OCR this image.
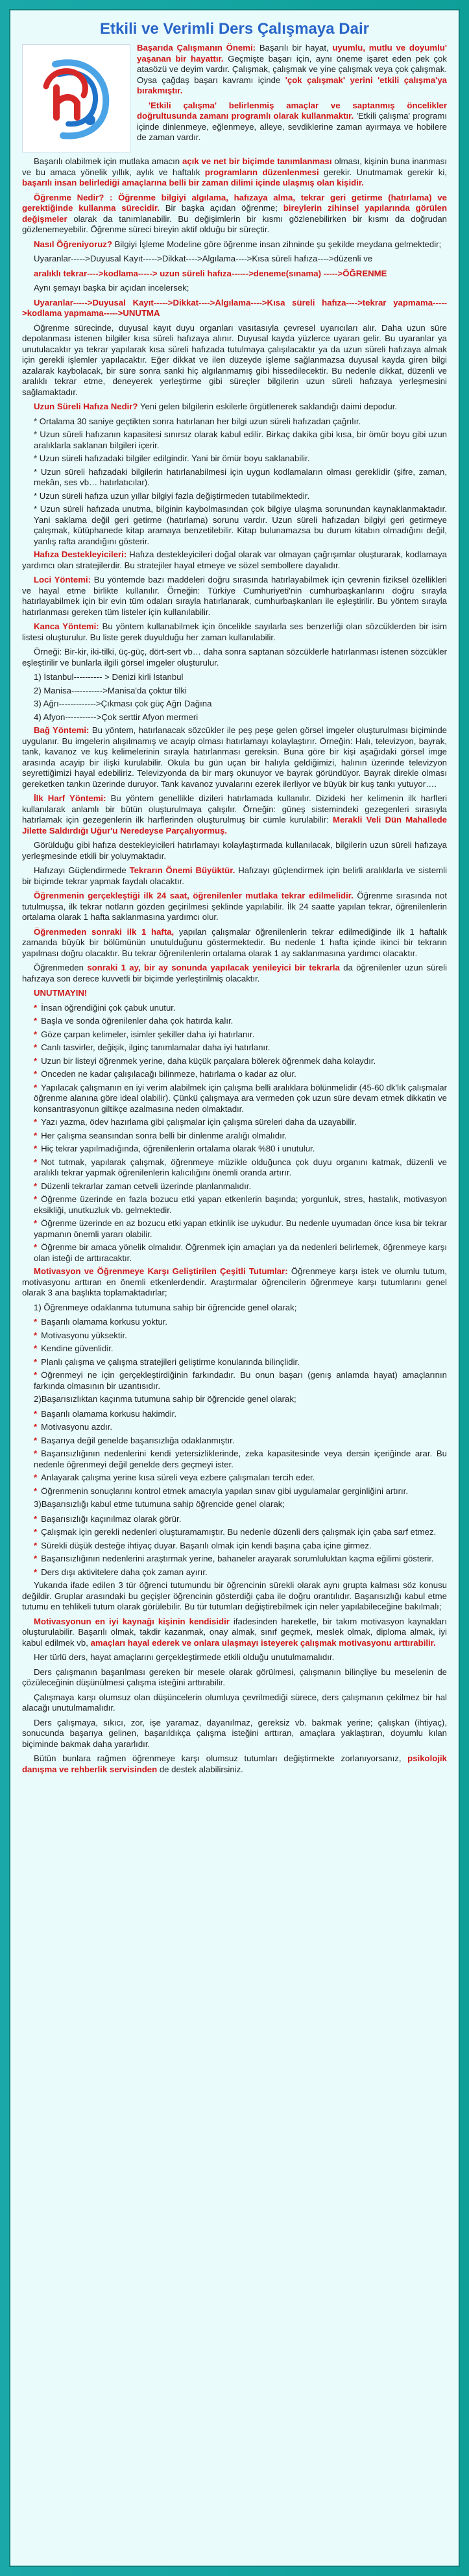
Etkili ve Verimli Ders Çalışmaya Dair

Başarıda Çalışmanın Önemi: Başarılı bir hayat, uyumlu, mutlu ve doyumlu' yaşanan bir hayattır. Geçmişte başarı için, aynı öneme işaret eden pek çok atasözü ve deyim vardır. Çalışmak, çalışmak ve yine çalışmak veya çok çalışmak. Oysa çağdaş başarı kavramı içinde 'çok çalışmak' yerini 'etkili çalışma'ya bırakmıştır.

'Etkili çalışma' belirlenmiş amaçlar ve saptanmış öncelikler doğrultusunda zamanı programlı olarak kullanmaktır. 'Etkili çalışma' programı içinde dinlenmeye, eğlenmeye, alleye, sevdiklerine zaman ayırmaya ve hobilere de zaman vardır.

Başarılı olabilmek için mutlaka amacın açık ve net bir biçimde tanımlanması olması, kişinin buna inanması ve bu amaca yönelik yıllık, aylık ve haftalık programların düzenlenmesi gerekir. Unutmamak gerekir ki, başarılı insan belirlediği amaçlarına belli bir zaman dilimi içinde ulaşmış olan kişidir.

Öğrenme Nedir? : Öğrenme bilgiyi algılama, hafızaya alma, tekrar geri getirme (hatırlama) ve gerektiğinde kullanma sürecidir. Bir başka açıdan öğrenme; bireylerin zihinsel yapılarında görülen değişmeler olarak da tanımlanabilir. Bu değişimlerin bir kısmı gözlenebilirken bir kısmı da doğrudan gözlenemeyebilir. Öğrenme süreci bireyin aktif olduğu bir süreçtir.

Nasıl Öğreniyoruz? Bilgiyi İşleme Modeline göre öğrenme insan zihninde şu şekilde meydana gelmektedir;

Uyaranlar----->Duyusal Kayıt----->Dikkat---->Algılama---->Kısa süreli hafıza---->düzenli ve

aralıklı tekrar---->kodlama-----> uzun süreli hafıza------>deneme(sınama) ----->ÖĞRENME

Aynı şemayı başka bir açıdan incelersek;

Uyaranlar----->Duyusal Kayıt----->Dikkat---->Algılama---->Kısa süreli hafıza---->tekrar yapmama----->kodlama yapmama----->UNUTMA

Öğrenme sürecinde, duyusal kayıt duyu organları vasıtasıyla çevresel uyarıcıları alır. Daha uzun süre depolanması istenen bilgiler kısa süreli hafızaya alınır. Duyusal kayda yüzlerce uyaran gelir. Bu uyaranlar ya unutulacaktır ya tekrar yapılarak kısa süreli hafızada tutulmaya çalışılacaktır ya da uzun süreli hafızaya almak için gerekli işlemler yapılacaktır. Eğer dikkat ve ilen düzeyde işleme sağlanmazsa duyusal kayda giren bilgi azalarak kaybolacak, bir süre sonra sanki hiç algılanmamış gibi hissedilecektir. Bu nedenle dikkat, düzenli ve aralıklı tekrar etme, deneyerek yerleştirme gibi süreçler bilgilerin uzun süreli hafızaya yerleşmesini sağlamaktadır.

Uzun Süreli Hafıza Nedir? Yeni gelen bilgilerin eskilerle örgütlenerek saklandığı daimi depodur.

* Ortalama 30 saniye geçtikten sonra hatırlanan her bilgi uzun süreli hafızadan çağrılır.

* Uzun süreli hafızanın kapasitesi sınırsız olarak kabul edilir. Birkaç dakika gibi kısa, bir ömür boyu gibi uzun aralıklarla saklanan bilgileri içerir.

* Uzun süreli hafızadaki bilgiler edilgindir. Yani bir ömür boyu saklanabilir.

* Uzun süreli hafızadaki bilgilerin hatırlanabilmesi için uygun kodlamaların olması gereklidir (şifre, zaman, mekân, ses vb… hatırlatıcılar).

* Uzun süreli hafıza uzun yıllar bilgiyi fazla değiştirmeden tutabilmektedir.

* Uzun süreli hafızada unutma, bilginin kaybolmasından çok bilgiye ulaşma sorunundan kaynaklanmaktadır. Yani saklama değil geri getirme (hatırlama) sorunu vardır. Uzun süreli hafızadan bilgiyi geri getirmeye çalışmak, kütüphanede kitap aramaya benzetilebilir. Kitap bulunamazsa bu durum kitabın olmadığını değil, yanlış rafta arandığını gösterir.

Hafıza Destekleyicileri: Hafıza destekleyicileri doğal olarak var olmayan çağrışımlar oluşturarak, kodlamaya yardımcı olan stratejilerdir. Bu stratejiler hayal etmeye ve sözel sembollere dayalıdır.

Loci Yöntemi: Bu yöntemde bazı maddeleri doğru sırasında hatırlayabilmek için çevrenin fiziksel özellikleri ve hayal etme birlikte kullanılır. Örneğin: Türkiye Cumhuriyeti'nin cumhurbaşkanlarını doğru sırayla hatırlayabilmek için bir evin tüm odaları sırayla hatırlanarak, cumhurbaşkanları ile eşleştirilir. Bu yöntem sırayla hatırlanması gereken tüm listeler için kullanılabilir.

Kanca Yöntemi: Bu yöntem kullanabilmek için öncelikle sayılarla ses benzerliği olan sözcüklerden bir isim listesi oluşturulur. Bu liste gerek duyulduğu her zaman kullanılabilir.

Örneği: Bir-kir, iki-tilki, üç-güç, dört-sert vb… daha sonra saptanan sözcüklerle hatırlanması istenen sözcükler eşleştirilir ve bunlarla ilgili görsel imgeler oluşturulur.

1) İstanbul---------- > Denizi kirli İstanbul

2) Manisa----------->Manisa'da çoktur tilki

3) Ağrı------------->Çıkması çok güç Ağrı Dağına

4) Afyon----------->Çok serttir Afyon mermeri

Bağ Yöntemi: Bu yöntem, hatırlanacak sözcükler ile peş peşe gelen görsel imgeler oluşturulması biçiminde uygulanır. Bu imgelerin alışılmamış ve acayip olması hatırlamayı kolaylaştırır. Örneğin: Halı, televizyon, bayrak, tank, kavanoz ve kuş kelimelerinin sırayla hatırlanması gereksin. Buna göre bir kişi aşağıdaki görsel imge arasında acayip bir ilişki kurulabilir. Okula bu gün uçan bir halıyla geldiğimizi, halının üzerinde televizyon seyrettiğimizi hayal edebiliriz. Televizyonda da bir marş okunuyor ve bayrak göründüyor. Bayrak direkle olması gereketken tankın üzerinde duruyor. Tank kavanoz yuvalarını ezerek ilerliyor ve büyük bir kuş tankı yutuyor….

İlk Harf Yöntemi: Bu yöntem genellikle dizileri hatırlamada kullanılır. Dizideki her kelimenin ilk harfleri kullanılarak anlamlı bir bütün oluşturulmaya çalışılır. Örneğin: güneş sistemindeki gezegenleri sırasıyla hatırlamak için gezegenlerin ilk harflerinden oluşturulmuş bir cümle kurulabilir: Merakli Veli Dün Mahallede Jilette Saldırdığı Uğur'u Neredeyse Parçalıyormuş.

Görülduğu gibi hafıza destekleyicileri hatırlamayı kolaylaştırmada kullanılacak, bilgilerin uzun süreli hafızaya yerleşmesinde etkili bir yoluymaktadır.

Hafızayı Güçlendirmede Tekrarın Önemi Büyüktür. Hafızayı güçlendirmek için belirli aralıklarla ve sistemli bir biçimde tekrar yapmak faydalı olacaktır.

Öğrenmenin gerçekleştiği ilk 24 saat, öğrenilenler mutlaka tekrar edilmelidir. Öğrenme sırasında not tutulmuşsa, ilk tekrar notların gözden geçirilmesi şeklinde yapılabilir. İlk 24 saatte yapılan tekrar, öğrenilenlerin ortalama olarak 1 hafta saklanmasına yardımcı olur.

Öğrenmeden sonraki ilk 1 hafta, yapılan çalışmalar öğrenilenlerin tekrar edilmediğinde ilk 1 haftalık zamanda büyük bir bölümünün unutulduğunu göstermektedir. Bu nedenle 1 hafta içinde ikinci bir tekrarın yapılması doğru olacaktır. Bu tekrar öğrenilenlerin ortalama olarak 1 ay saklanmasına yardımcı olacaktır.

Öğrenmeden sonraki 1 ay, bir ay sonunda yapılacak yenileyici bir tekrarla da öğrenilenler uzun süreli hafızaya son derece kuvvetli bir biçimde yerleştirilmiş olacaktır.

UNUTMAYIN!

* İnsan öğrendiğini çok çabuk unutur.

* Başla ve sonda öğrenilenler daha çok hatırda kalır.

* Göze çarpan kelimeler, isimler şekiller daha iyi hatırlanır.

* Canlı tasvirler, değişik, ilginç tanımlamalar daha iyi hatırlanır.

* Uzun bir listeyi öğrenmek yerine, daha küçük parçalara bölerek öğrenmek daha kolaydır.

* Önceden ne kadar çalışılacağı bilinmeze, hatırlama o kadar az olur.

* Yapılacak çalışmanın en iyi verim alabilmek için çalışma belli aralıklara bölünmelidir (45-60 dk'lık çalışmalar öğrenme alanına göre ideal olabilir). Çünkü çalışmaya ara vermeden çok uzun süre devam etmek dikkatin ve konsantrasyonun giltikçe azalmasına neden olmaktadır.

* Yazı yazma, ödev hazırlama gibi çalışmalar için çalışma süreleri daha da uzayabilir.

* Her çalışma seansından sonra belli bir dinlenme aralığı olmalıdır.

* Hiç tekrar yapılmadığında, öğrenilenlerin ortalama olarak %80 i unutulur.

* Not tutmak, yapılarak çalışmak, öğrenmeye müzikle olduğunca çok duyu organını katmak, düzenli ve aralıklı tekrar yapmak öğrenilenlerin kalıcılığını önemli oranda artırır.

* Düzenli tekrarlar zaman cetveli üzerinde planlanmalıdır.

* Öğrenme üzerinde en fazla bozucu etki yapan etkenlerin başında; yorgunluk, stres, hastalık, motivasyon eksikliği, unutkuzluk vb. gelmektedir.

* Öğrenme üzerinde en az bozucu etki yapan etkinlik ise uykudur. Bu nedenle uyumadan önce kısa bir tekrar yapmanın önemli yararı olabilir.

* Öğrenme bir amaca yönelik olmalıdır. Öğrenmek için amaçları ya da nedenleri belirlemek, öğrenmeye karşı olan isteği de arttıracaktır.

Motivasyon ve Öğrenmeye Karşı Geliştirilen Çeşitli Tutumlar: Öğrenmeye karşı istek ve olumlu tutum, motivasyonu arttıran en önemli etkenlerdendir. Araştırmalar öğrencilerin öğrenmeye karşı tutumlarını genel olarak 3 ana başlıkta toplamaktadırlar;

1) Öğrenmeye odaklanma tutumuna sahip bir öğrencide genel olarak;

* Başarılı olamama korkusu yoktur.

* Motivasyonu yüksektir.

* Kendine güvenlidir.

* Planlı çalışma ve çalışma stratejileri geliştirme konularında bilinçlidir.

* Öğrenmeyi ne için gerçekleştirdiğinin farkındadır. Bu onun başarı (genış anlamda hayat) amaçlarının farkında olmasının bir uzantısıdır.

2)Başarısızlıktan kaçınma tutumuna sahip bir öğrencide genel olarak;

* Başarılı olamama korkusu hakimdir.

* Motivasyonu azdır.

* Başarıya değil genelde başarısızlığa odaklanmıştır.

* Başarısızlığının nedenlerini kendi yetersizliklerinde, zeka kapasitesinde veya dersin içeriğinde arar. Bu nedenle öğrenmeyi değil genelde ders geçmeyi ister.

* Anlayarak çalışma yerine kısa süreli veya ezbere çalışmaları tercih eder.

* Öğrenmenin sonuçlarını kontrol etmek amacıyla yapılan sınav gibi uygulamalar gerginliğini artırır.

3)Başarısızlığı kabul etme tutumuna sahip öğrencide genel olarak;

* Başarısızlığı kaçınılmaz olarak görür.

* Çalışmak için gerekli nedenleri oluşturamamıştır. Bu nedenle düzenli ders çalışmak için çaba sarf etmez.

* Sürekli düşük desteğe ihtiyaç duyar. Başarılı olmak için kendi başına çaba içine girmez.

* Başarısızlığının nedenlerini araştırmak yerine, bahaneler arayarak sorumluluktan kaçma eğilimi gösterir.

* Ders dışı aktivitelere daha çok zaman ayırır.

Yukarıda ifade edilen 3 tür öğrenci tutumundu bir öğrencinin sürekli olarak aynı grupta kalması söz konusu değildir. Gruplar arasındaki bu geçişler öğrencinin gösterdiği çaba ile doğru orantılıdır. Başarısızlığı kabul etme tutumu en tehlikeli tutum olarak görülebilir. Bu tür tutumları değiştirebilmek için neler yapılabileceğine bakılmalı;

Motivasyonun en iyi kaynağı kişinin kendisidir ifadesinden hareketle, bir takım motivasyon kaynakları oluşturulabilir. Başarılı olmak, takdir kazanmak, onay almak, sınıf geçmek, meslek olmak, diploma almak, iyi kabul edilmek vb, amaçları hayal ederek ve onlara ulaşmayı isteyerek çalışmak motivasyonu arttırabilir.

Her türlü ders, hayat amaçlarını gerçekleştirmede etkili olduğu unutulmamalıdır.

Ders çalışmanın başarılması gereken bir mesele olarak görülmesi, çalışmanın bilinçliye bu meselenin de çözüleceğinin düşünülmesi çalışma isteğini arttırabilir.

Çalışmaya karşı olumsuz olan düşüncelerin olumluya çevrilmediği sürece, ders çalışmanın çekilmez bir hal alacağı unutulmamalıdır.

Ders çalışmaya, sıkıcı, zor, işe yaramaz, dayanılmaz, gereksiz vb. bakmak yerine; çalışkan (ihtiyaç), sonucunda başarıya gelinen, başarıldıkça çalışma isteğini arttıran, amaçlara yaklaştıran, doyumlu kılan biçiminde bakmak daha yararlıdır.

Bütün bunlara rağmen öğrenmeye karşı olumsuz tutumları değiştirmekte zorlanıyorsanız, psikolojik danışma ve rehberlik servisinden de destek alabilirsiniz.
